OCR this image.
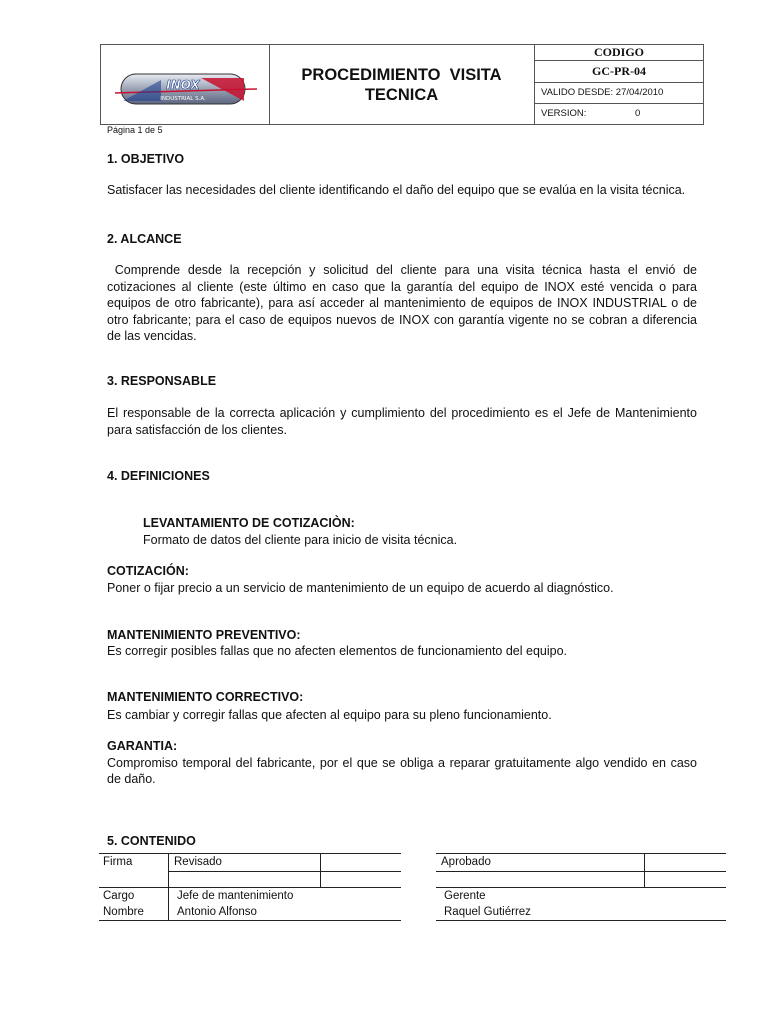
INOX
INDUSTRIAL S.A.
PROCEDIMIENTO  VISITA
TECNICA
CODIGO
GC-PR-04
VALIDO DESDE: 27/04/2010
VERSION:	0
Página 1 de 5
1. OBJETIVO

Satisfacer las necesidades del cliente identificando el daño del equipo que se evalúa en la visita técnica.

2. ALCANCE

Comprende desde la recepción y solicitud del cliente para una visita técnica hasta el envió de cotizaciones al cliente (este último en caso que la garantía del equipo de INOX esté vencida o para equipos de otro fabricante), para así acceder al mantenimiento de equipos de INOX INDUSTRIAL o de otro fabricante; para el caso de equipos nuevos de INOX con garantía vigente no se cobran a diferencia de las vencidas.

3. RESPONSABLE

El responsable de la correcta aplicación y cumplimiento del procedimiento es el Jefe de Mantenimiento para satisfacción de los clientes.

4. DEFINICIONES
LEVANTAMIENTO DE COTIZACIÒN:
Formato de datos del cliente para inicio de visita técnica.
COTIZACIÓN:
Poner o fijar precio a un servicio de mantenimiento de un equipo de acuerdo al diagnóstico.
MANTENIMIENTO PREVENTIVO:
Es corregir posibles fallas que no afecten elementos de funcionamiento del equipo.
MANTENIMIENTO CORRECTIVO:
Es cambiar y corregir fallas que afecten al equipo para su pleno funcionamiento.
GARANTIA:
Compromiso temporal del fabricante, por el que se obliga a reparar gratuitamente algo vendido en caso de daño.
5. CONTENIDO
Firma	Revisado
Cargo	Jefe de mantenimiento
Nombre	Antonio Alfonso
Aprobado
Gerente
Raquel Gutiérrez
